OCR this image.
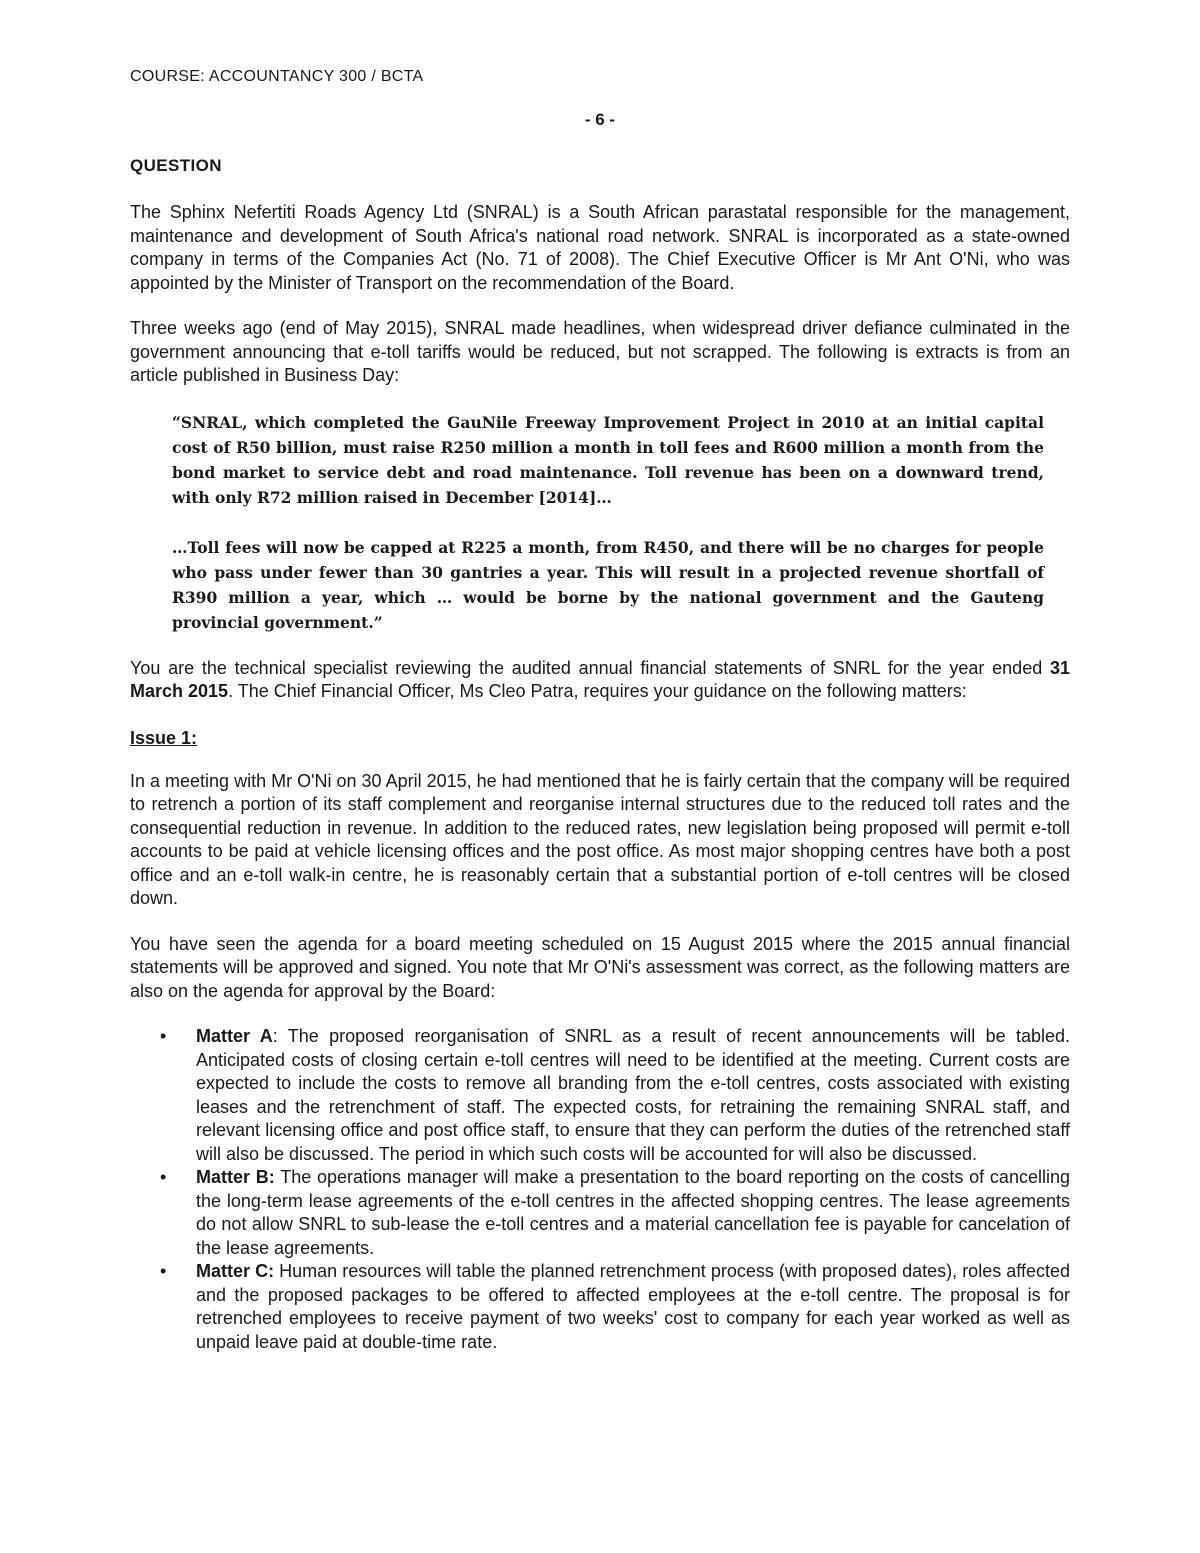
COURSE: ACCOUNTANCY 300 / BCTA
- 6 -
QUESTION

The Sphinx Nefertiti Roads Agency Ltd (SNRAL) is a South African parastatal responsible for the management, maintenance and development of South Africa's national road network. SNRAL is incorporated as a state-owned company in terms of the Companies Act (No. 71 of 2008). The Chief Executive Officer is Mr Ant O'Ni, who was appointed by the Minister of Transport on the recommendation of the Board.

Three weeks ago (end of May 2015), SNRAL made headlines, when widespread driver defiance culminated in the government announcing that e-toll tariffs would be reduced, but not scrapped. The following is extracts is from an article published in Business Day:

“SNRAL, which completed the GauNile Freeway Improvement Project in 2010 at an initial capital cost of R50 billion, must raise R250 million a month in toll fees and R600 million a month from the bond market to service debt and road maintenance. Toll revenue has been on a downward trend, with only R72 million raised in December [2014]…

…Toll fees will now be capped at R225 a month, from R450, and there will be no charges for people who pass under fewer than 30 gantries a year. This will result in a projected revenue shortfall of R390 million a year, which … would be borne by the national government and the Gauteng provincial government.”

You are the technical specialist reviewing the audited annual financial statements of SNRL for the year ended 31 March 2015. The Chief Financial Officer, Ms Cleo Patra, requires your guidance on the following matters:

Issue 1:

In a meeting with Mr O'Ni on 30 April 2015, he had mentioned that he is fairly certain that the company will be required to retrench a portion of its staff complement and reorganise internal structures due to the reduced toll rates and the consequential reduction in revenue. In addition to the reduced rates, new legislation being proposed will permit e-toll accounts to be paid at vehicle licensing offices and the post office. As most major shopping centres have both a post office and an e-toll walk-in centre, he is reasonably certain that a substantial portion of e-toll centres will be closed down.

You have seen the agenda for a board meeting scheduled on 15 August 2015 where the 2015 annual financial statements will be approved and signed. You note that Mr O'Ni's assessment was correct, as the following matters are also on the agenda for approval by the Board:

• Matter A: The proposed reorganisation of SNRL as a result of recent announcements will be tabled. Anticipated costs of closing certain e-toll centres will need to be identified at the meeting. Current costs are expected to include the costs to remove all branding from the e-toll centres, costs associated with existing leases and the retrenchment of staff. The expected costs, for retraining the remaining SNRAL staff, and relevant licensing office and post office staff, to ensure that they can perform the duties of the retrenched staff will also be discussed. The period in which such costs will be accounted for will also be discussed.
• Matter B: The operations manager will make a presentation to the board reporting on the costs of cancelling the long-term lease agreements of the e-toll centres in the affected shopping centres. The lease agreements do not allow SNRL to sub-lease the e-toll centres and a material cancellation fee is payable for cancelation of the lease agreements.
• Matter C: Human resources will table the planned retrenchment process (with proposed dates), roles affected and the proposed packages to be offered to affected employees at the e-toll centre. The proposal is for retrenched employees to receive payment of two weeks' cost to company for each year worked as well as unpaid leave paid at double-time rate.
